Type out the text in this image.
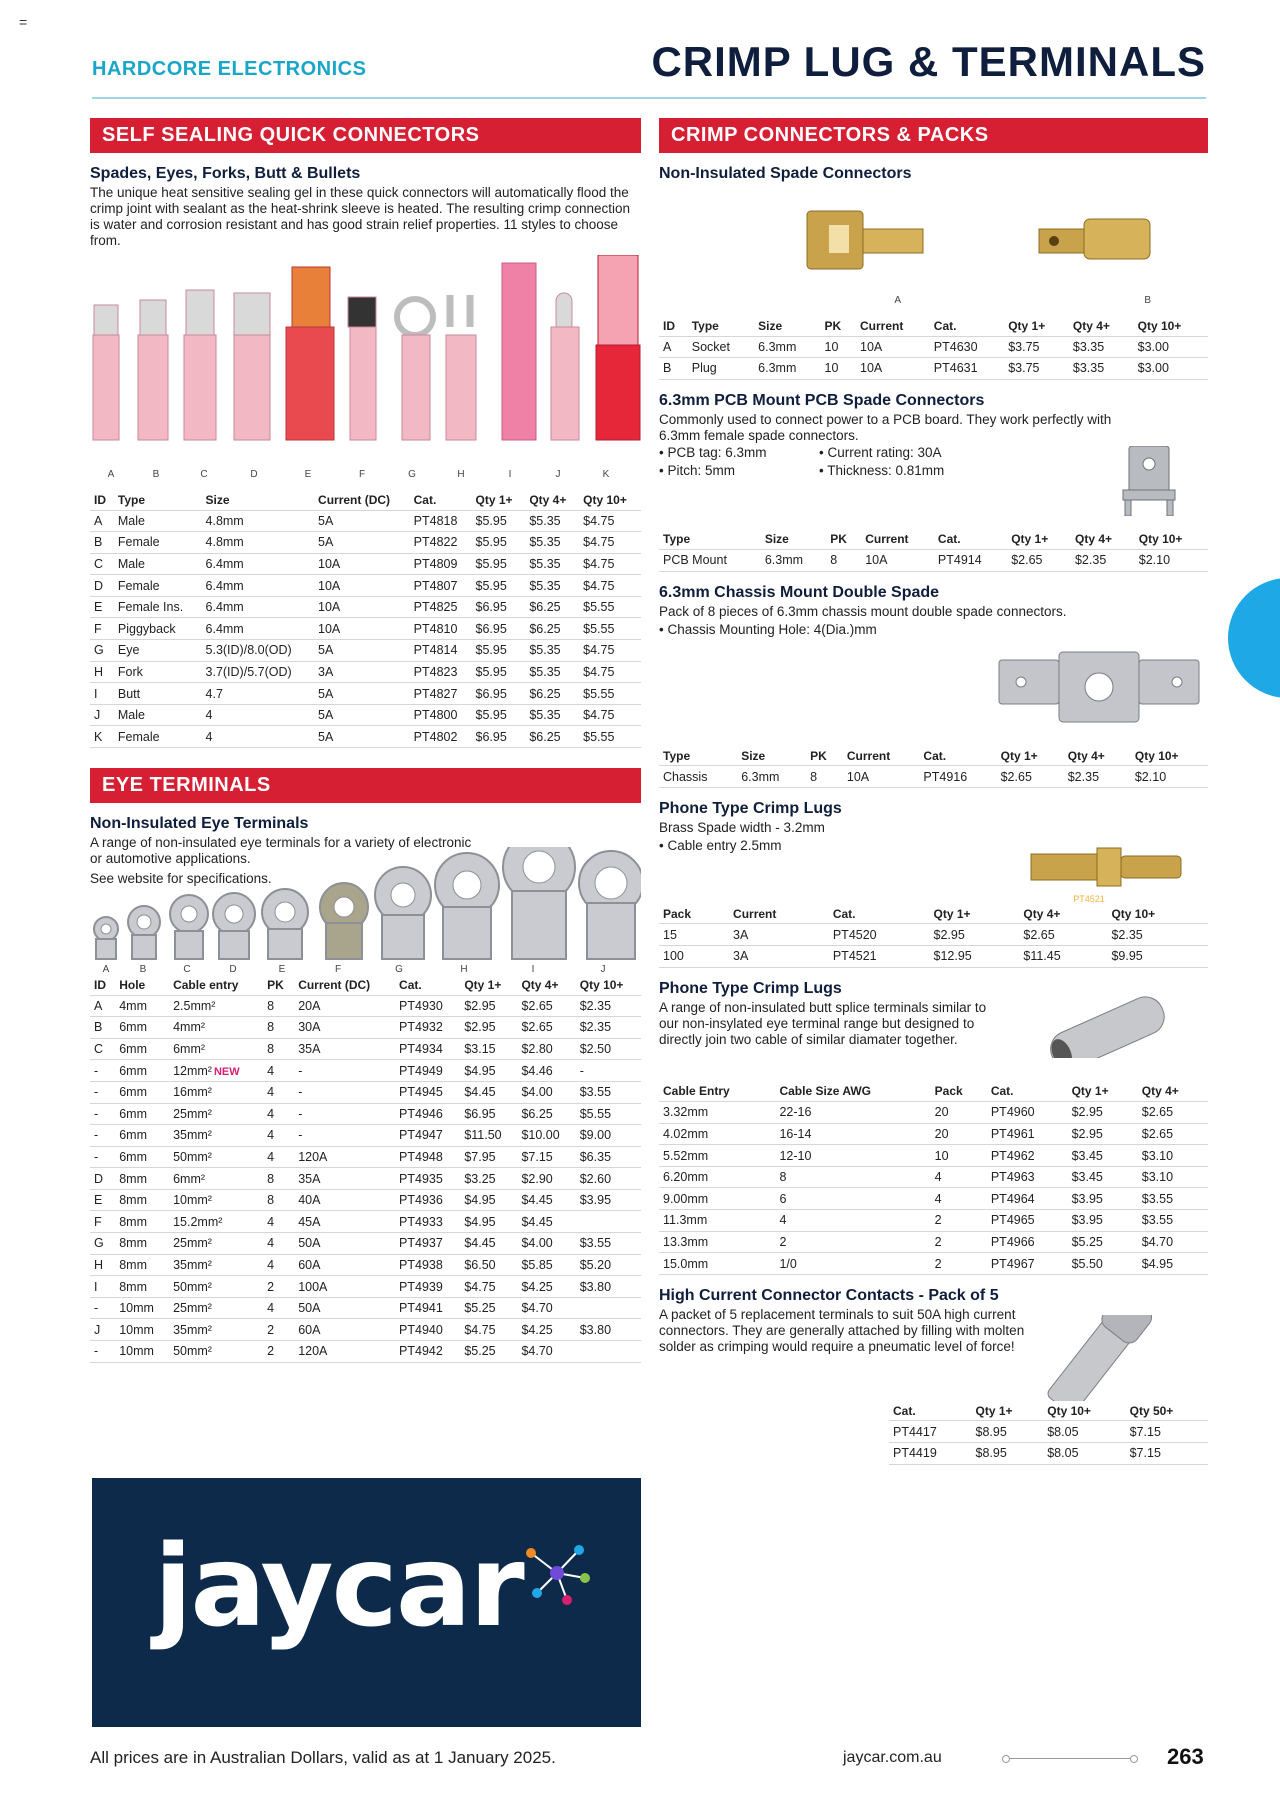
=
HARDCORE ELECTRONICS	CRIMP LUG & TERMINALS
SELF SEALING QUICK CONNECTORS
Spades, Eyes, Forks, Butt & Bullets
The unique heat sensitive sealing gel in these quick connectors will automatically flood the crimp joint with sealant as the heat-shrink sleeve is heated. The resulting crimp connection is water and corrosion resistant and has good strain relief properties. 11 styles to choose from.
A	B	C	D	E	F	G	H	I	J	K
ID	Type	Size	Current (DC)	Cat.	Qty 1+	Qty 4+	Qty 10+
A	Male	4.8mm	5A	PT4818	$5.95	$5.35	$4.75
B	Female	4.8mm	5A	PT4822	$5.95	$5.35	$4.75
C	Male	6.4mm	10A	PT4809	$5.95	$5.35	$4.75
D	Female	6.4mm	10A	PT4807	$5.95	$5.35	$4.75
E	Female Ins.	6.4mm	10A	PT4825	$6.95	$6.25	$5.55
F	Piggyback	6.4mm	10A	PT4810	$6.95	$6.25	$5.55
G	Eye	5.3(ID)/8.0(OD)	5A	PT4814	$5.95	$5.35	$4.75
H	Fork	3.7(ID)/5.7(OD)	3A	PT4823	$5.95	$5.35	$4.75
I	Butt	4.7	5A	PT4827	$6.95	$6.25	$5.55
J	Male	4	5A	PT4800	$5.95	$5.35	$4.75
K	Female	4	5A	PT4802	$6.95	$6.25	$5.55
EYE TERMINALS
Non-Insulated Eye Terminals
A range of non-insulated eye terminals for a variety of electronic or automotive applications.
See website for specifications.
A	B	C	D	E	F	G	H	I	J
ID	Hole	Cable entry	PK	Current (DC)	Cat.	Qty 1+	Qty 4+	Qty 10+
A	4mm	2.5mm²	8	20A	PT4930	$2.95	$2.65	$2.35
B	6mm	4mm²	8	30A	PT4932	$2.95	$2.65	$2.35
C	6mm	6mm²	8	35A	PT4934	$3.15	$2.80	$2.50
-	6mm	12mm² NEW	4	-	PT4949	$4.95	$4.46	-
-	6mm	16mm²	4	-	PT4945	$4.45	$4.00	$3.55
-	6mm	25mm²	4	-	PT4946	$6.95	$6.25	$5.55
-	6mm	35mm²	4	-	PT4947	$11.50	$10.00	$9.00
-	6mm	50mm²	4	120A	PT4948	$7.95	$7.15	$6.35
D	8mm	6mm²	8	35A	PT4935	$3.25	$2.90	$2.60
E	8mm	10mm²	8	40A	PT4936	$4.95	$4.45	$3.95
F	8mm	15.2mm²	4	45A	PT4933	$4.95	$4.45	
G	8mm	25mm²	4	50A	PT4937	$4.45	$4.00	$3.55
H	8mm	35mm²	4	60A	PT4938	$6.50	$5.85	$5.20
I	8mm	50mm²	2	100A	PT4939	$4.75	$4.25	$3.80
-	10mm	25mm²	4	50A	PT4941	$5.25	$4.70	
J	10mm	35mm²	2	60A	PT4940	$4.75	$4.25	$3.80
-	10mm	50mm²	2	120A	PT4942	$5.25	$4.70	
jaycar
CRIMP CONNECTORS & PACKS
Non-Insulated Spade Connectors
A	B
ID	Type	Size	PK	Current	Cat.	Qty 1+	Qty 4+	Qty 10+
A	Socket	6.3mm	10	10A	PT4630	$3.75	$3.35	$3.00
B	Plug	6.3mm	10	10A	PT4631	$3.75	$3.35	$3.00
6.3mm PCB Mount PCB Spade Connectors
Commonly used to connect power to a PCB board. They work perfectly with 6.3mm female spade connectors.
• PCB tag: 6.3mm	• Current rating: 30A
• Pitch: 5mm	• Thickness: 0.81mm
Type	Size	PK	Current	Cat.	Qty 1+	Qty 4+	Qty 10+
PCB Mount	6.3mm	8	10A	PT4914	$2.65	$2.35	$2.10
6.3mm Chassis Mount Double Spade
Pack of 8 pieces of 6.3mm chassis mount double spade connectors.
• Chassis Mounting Hole: 4(Dia.)mm
Type	Size	PK	Current	Cat.	Qty 1+	Qty 4+	Qty 10+
Chassis	6.3mm	8	10A	PT4916	$2.65	$2.35	$2.10
Phone Type Crimp Lugs
Brass Spade width - 3.2mm
• Cable entry 2.5mm
PT4521
Pack	Current	Cat.	Qty 1+	Qty 4+	Qty 10+
15	3A	PT4520	$2.95	$2.65	$2.35
100	3A	PT4521	$12.95	$11.45	$9.95
Phone Type Crimp Lugs
A range of non-insulated butt splice terminals similar to our non-insylated eye terminal range but designed to directly join two cable of similar diamater together.
Cable Entry	Cable Size AWG	Pack	Cat.	Qty 1+	Qty 4+
3.32mm	22-16	20	PT4960	$2.95	$2.65
4.02mm	16-14	20	PT4961	$2.95	$2.65
5.52mm	12-10	10	PT4962	$3.45	$3.10
6.20mm	8	4	PT4963	$3.45	$3.10
9.00mm	6	4	PT4964	$3.95	$3.55
11.3mm	4	2	PT4965	$3.95	$3.55
13.3mm	2	2	PT4966	$5.25	$4.70
15.0mm	1/0	2	PT4967	$5.50	$4.95
High Current Connector Contacts - Pack of 5
A packet of 5 replacement terminals to suit 50A high current connectors. They are generally attached by filling with molten solder as crimping would require a pneumatic level of force!
Cat.	Qty 1+	Qty 10+	Qty 50+
PT4417	$8.95	$8.05	$7.15
PT4419	$8.95	$8.05	$7.15
All prices are in Australian Dollars, valid as at 1 January 2025.	jaycar.com.au	263
